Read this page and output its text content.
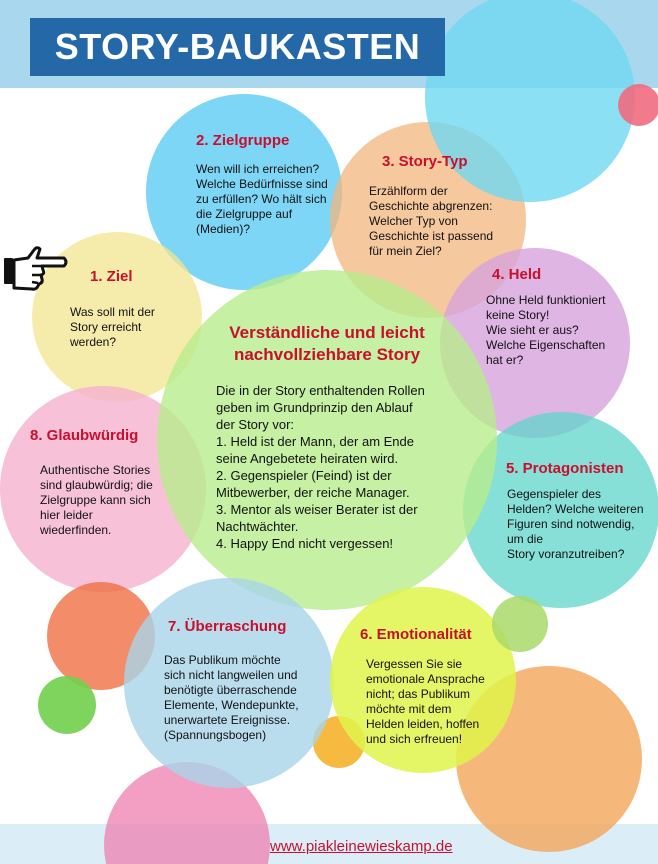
STORY-BAUKASTEN
1. Ziel
Was soll mit der
Story erreicht
werden?
2. Zielgruppe
Wen will ich erreichen?
Welche Bedürfnisse sind
zu erfüllen? Wo hält sich
die Zielgruppe auf
(Medien)?
3. Story-Typ
Erzählform der
Geschichte abgrenzen:
Welcher Typ von
Geschichte ist passend
für mein Ziel?
4. Held
Ohne Held funktioniert
keine Story!
Wie sieht er aus?
Welche Eigenschaften
hat er?
Verständliche und leicht
nachvollziehbare Story
Die in der Story enthaltenden Rollen
geben im Grundprinzip den Ablauf
der Story vor:
1. Held ist der Mann, der am Ende
seine Angebetete heiraten wird.
2. Gegenspieler (Feind) ist der
Mitbewerber, der reiche Manager.
3. Mentor als weiser Berater ist der
Nachtwächter.
4. Happy End nicht vergessen!
8. Glaubwürdig
Authentische Stories
sind glaubwürdig; die
Zielgruppe kann sich
hier leider
wiederfinden.
5. Protagonisten
Gegenspieler des
Helden? Welche weiteren
Figuren sind notwendig,
um die
Story voranzutreiben?
7. Überraschung
Das Publikum möchte
sich nicht langweilen und
benötigte überraschende
Elemente, Wendepunkte,
unerwartete Ereignisse.
(Spannungsbogen)
6. Emotionalität
Vergessen Sie sie
emotionale Ansprache
nicht; das Publikum
möchte mit dem
Helden leiden, hoffen
und sich erfreuen!
www.piakleinewieskamp.de
